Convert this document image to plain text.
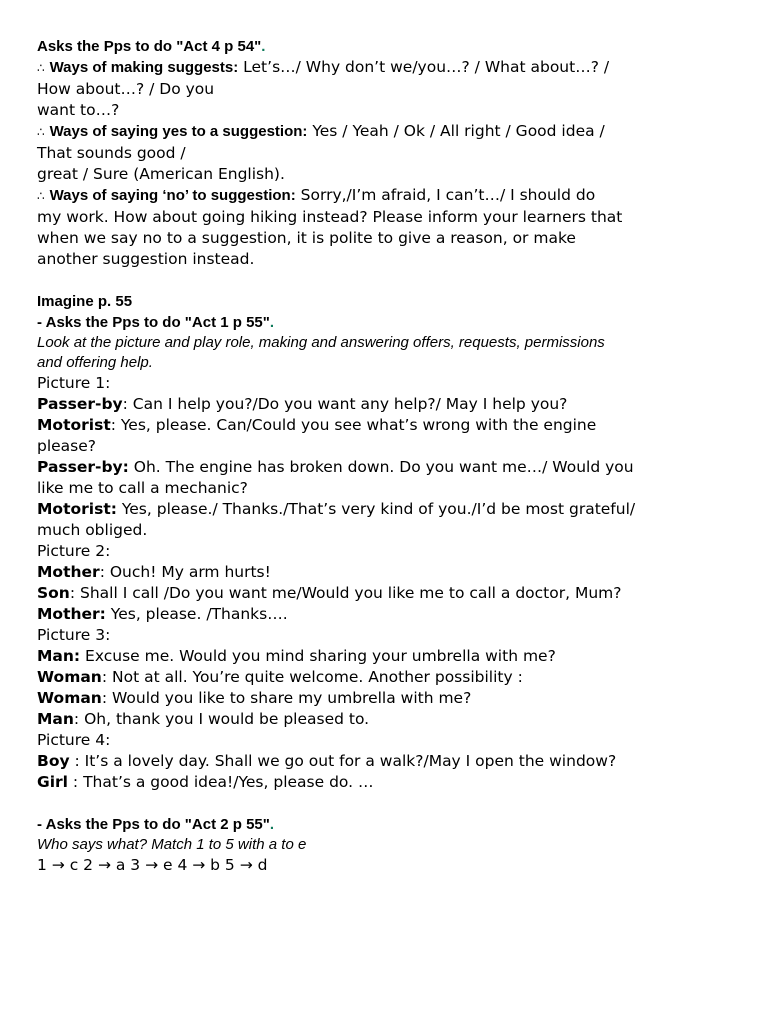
Asks the Pps to do "Act 4 p 54".

∴ Ways of making suggests: Let’s…/ Why don’t we/you…? / What about…? /

How about…? / Do you

want to…?

∴ Ways of saying yes to a suggestion: Yes / Yeah / Ok / All right / Good idea /

That sounds good /

great / Sure (American English).

∴ Ways of saying ‘no’ to suggestion: Sorry,/I’m afraid, I can’t…/ I should do

my work. How about going hiking instead? Please inform your learners that

when we say no to a suggestion, it is polite to give a reason, or make

another suggestion instead.

Imagine p. 55

- Asks the Pps to do "Act 1 p 55".

Look at the picture and play role, making and answering offers, requests, permissions

and offering help.

Picture 1:

Passer-by: Can I help you?/Do you want any help?/ May I help you?

Motorist: Yes, please. Can/Could you see what’s wrong with the engine

please?

Passer-by: Oh. The engine has broken down. Do you want me…/ Would you

like me to call a mechanic?

Motorist: Yes, please./ Thanks./That’s very kind of you./I’d be most grateful/

much obliged.

Picture 2:

Mother: Ouch! My arm hurts!

Son: Shall I call /Do you want me/Would you like me to call a doctor, Mum?

Mother: Yes, please. /Thanks….

Picture 3:

Man: Excuse me. Would you mind sharing your umbrella with me?

Woman: Not at all. You’re quite welcome. Another possibility :

Woman: Would you like to share my umbrella with me?

Man: Oh, thank you I would be pleased to.

Picture 4:

Boy : It’s a lovely day. Shall we go out for a walk?/May I open the window?

Girl : That’s a good idea!/Yes, please do. …

- Asks the Pps to do "Act 2 p 55".

Who says what? Match 1 to 5 with a to e

1 → c 2 → a 3 → e 4 → b 5 → d
